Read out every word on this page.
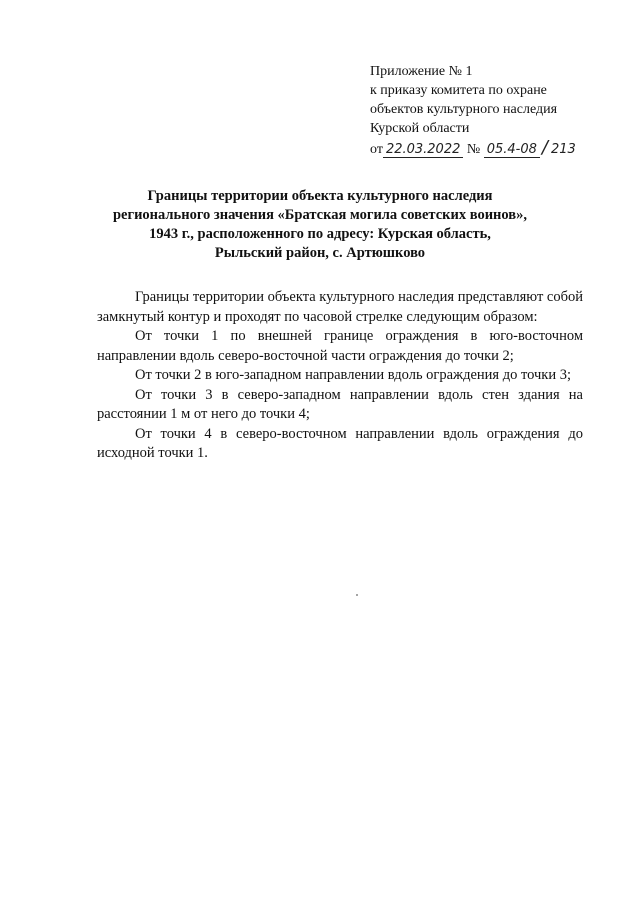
Приложение № 1
к приказу комитета по охране
объектов культурного наследия
Курской области
от 22.03.2022 № 05.4-08 / 213
Границы территории объекта культурного наследия
регионального значения «Братская могила советских воинов»,
1943 г., расположенного по адресу: Курская область,
Рыльский район, с. Артюшково

Границы территории объекта культурного наследия представляют собой замкнутый контур и проходят по часовой стрелке следующим образом:

От точки 1 по внешней границе ограждения в юго-восточном направлении вдоль северо-восточной части ограждения до точки 2;

От точки 2 в юго-западном направлении вдоль ограждения до точки 3;

От точки 3 в северо-западном направлении вдоль стен здания на расстоянии 1 м от него до точки 4;

От точки 4 в северо-восточном направлении вдоль ограждения до исходной точки 1.
